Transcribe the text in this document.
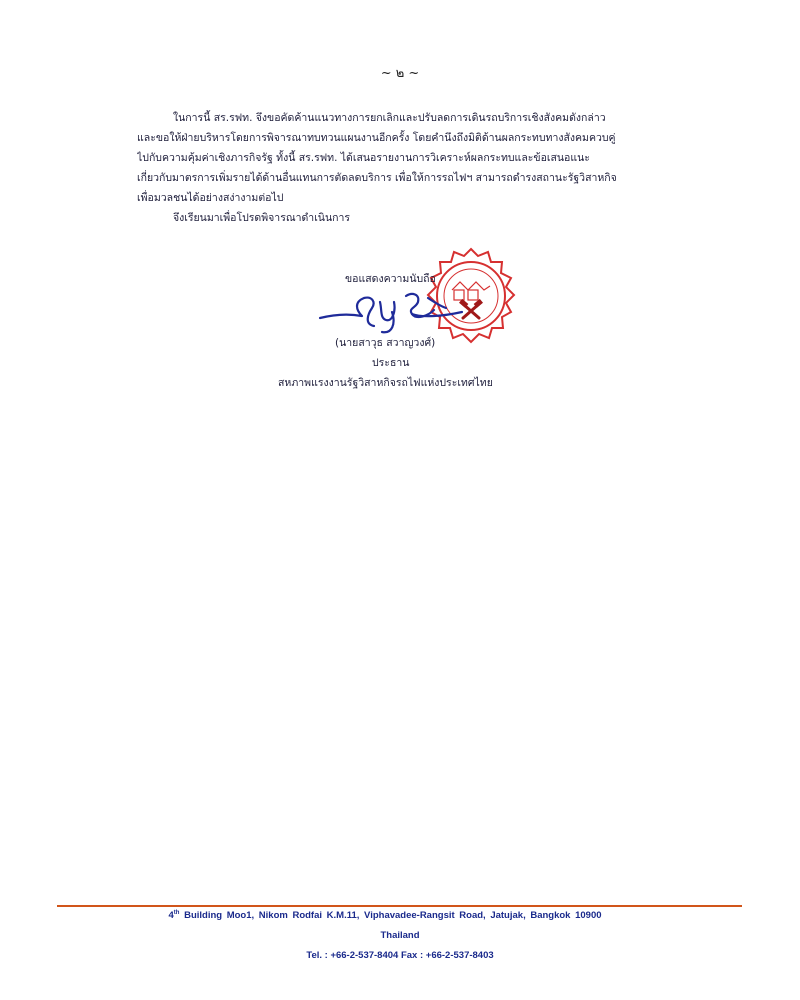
~ ๒ ~

ในการนี้ สร.รฟท. จึงขอคัดค้านแนวทางการยกเลิกและปรับลดการเดินรถบริการเชิงสังคมดังกล่าว
และขอให้ฝ่ายบริหารโดยการพิจารณาทบทวนแผนงานอีกครั้ง โดยคำนึงถึงมิติด้านผลกระทบทางสังคมควบคู่
ไปกับความคุ้มค่าเชิงภารกิจรัฐ ทั้งนี้ สร.รฟท. ได้เสนอรายงานการวิเคราะห์ผลกระทบและข้อเสนอแนะ
เกี่ยวกับมาตรการเพิ่มรายได้ด้านอื่นแทนการตัดลดบริการ เพื่อให้การรถไฟฯ สามารถดำรงสถานะรัฐวิสาหกิจ
เพื่อมวลชนได้อย่างสง่างามต่อไป

จึงเรียนมาเพื่อโปรดพิจารณาดำเนินการ

ขอแสดงความนับถือ
(นายสาวุธ สวาญวงศ์)
ประธาน
สหภาพแรงงานรัฐวิสาหกิจรถไฟแห่งประเทศไทย
4th Building Moo1, Nikom Rodfai K.M.11, Viphavadee-Rangsit Road, Jatujak, Bangkok 10900
Thailand
Tel. : +66-2-537-8404 Fax : +66-2-537-8403
